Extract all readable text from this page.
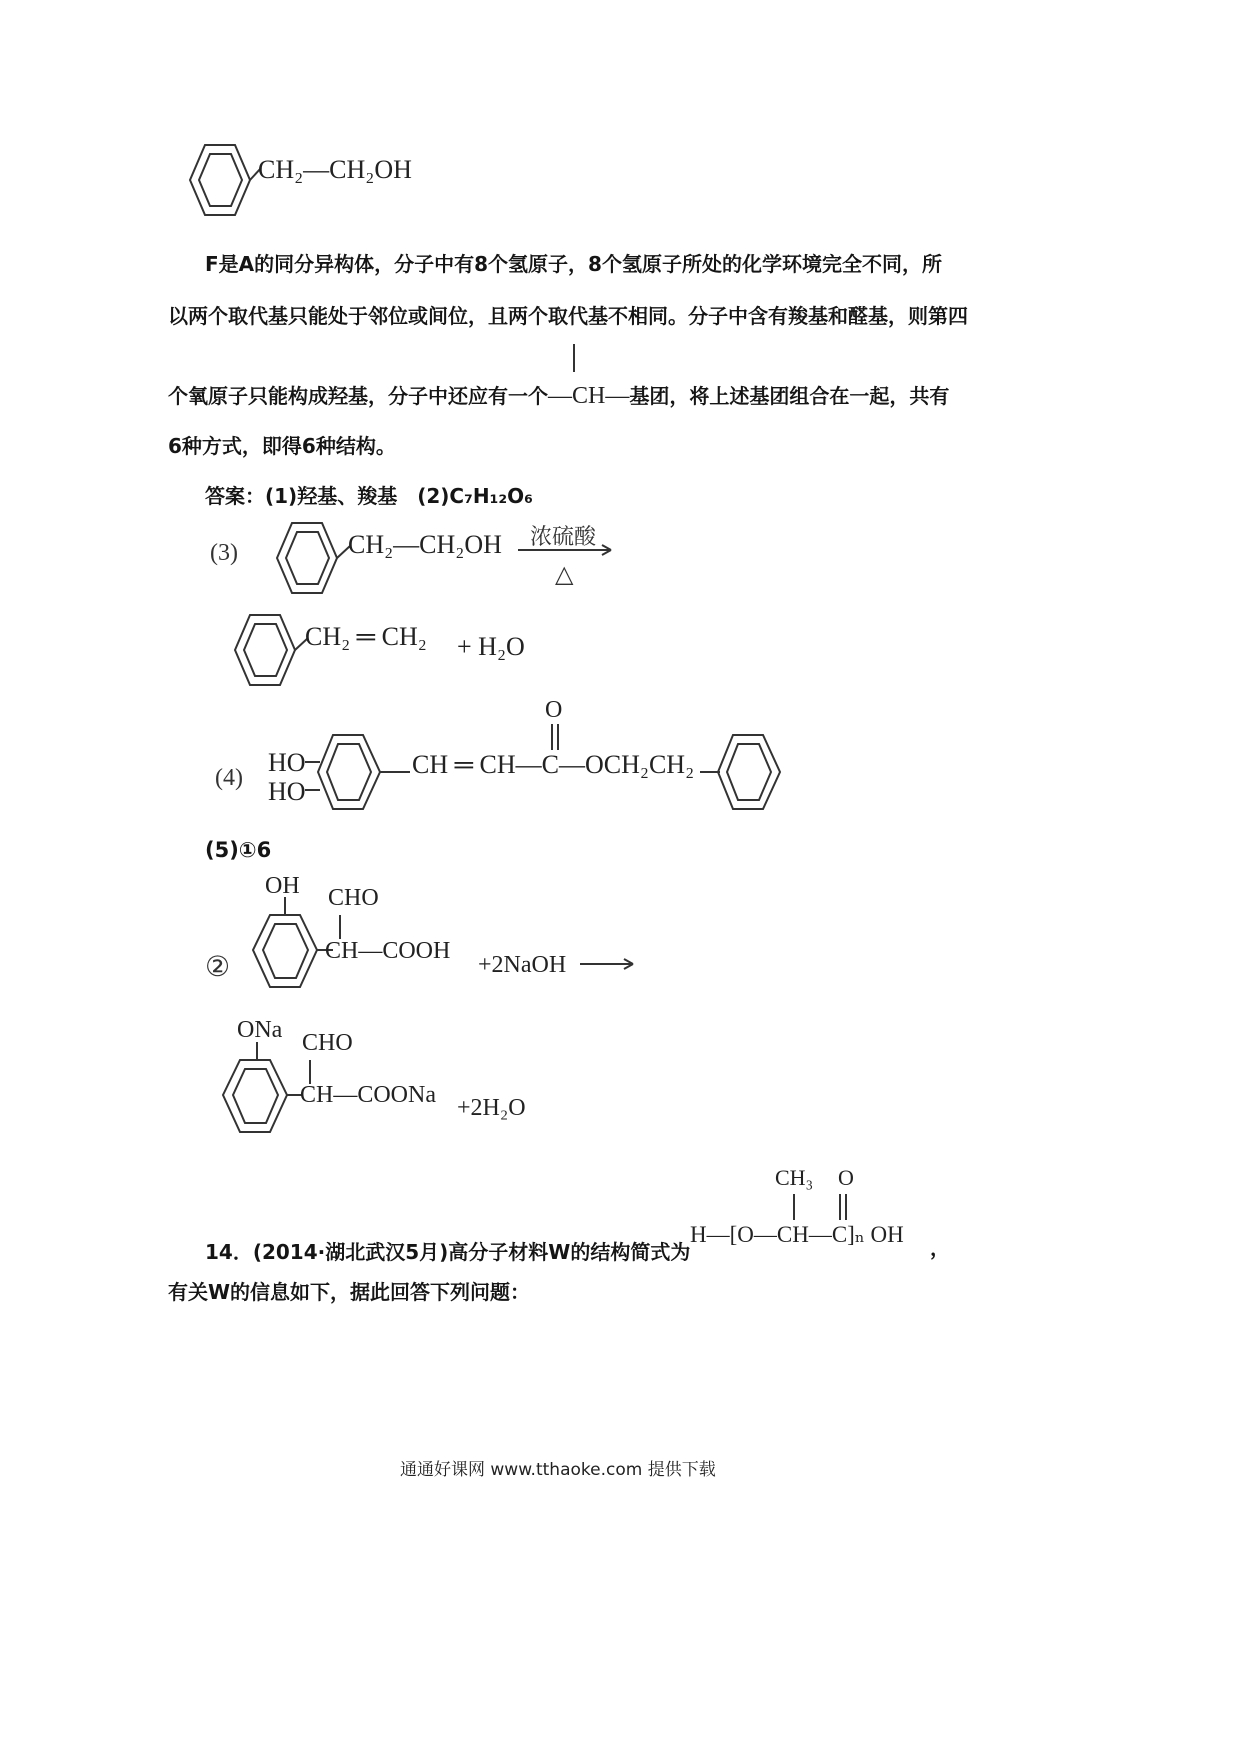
CH₂—CH₂OH
F是A的同分异构体，分子中有8个氢原子，8个氢原子所处的化学环境完全不同，所
以两个取代基只能处于邻位或间位，且两个取代基不相同。分子中含有羧基和醛基，则第四
个氧原子只能构成羟基，分子中还应有一个—CH—基团，将上述基团组合在一起，共有
6种方式，即得6种结构。
答案：(1)羟基、羧基　(2)C₇H₁₂O₆
(3)	CH₂—CH₂OH 浓硫酸
△
CH₂ ═ CH₂ + H₂O
(4)
HO
HO
CH ═ CH—C—OCH₂CH₂
O
(5)①6
②
OH CHO
CH—COOH
+2NaOH
ONa CHO
CH—COONa +2H₂O
CH₃ O
14．(2014·湖北武汉5月)高分子材料W的结构简式为
H—[O—CH—C]ₙ OH
，
有关W的信息如下，据此回答下列问题：
通通好课网 www.tthaoke.com 提供下载
